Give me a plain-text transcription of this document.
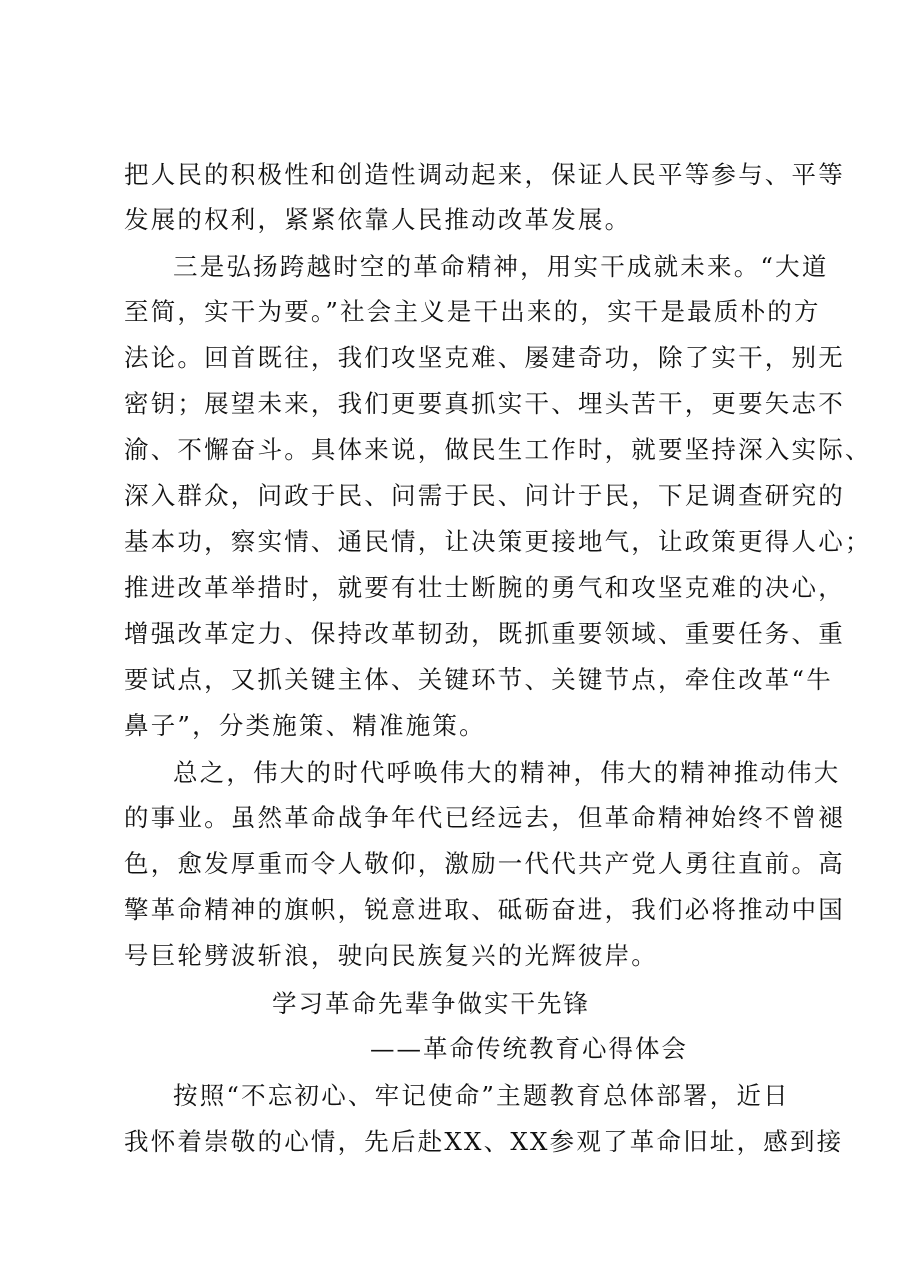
把人民的积极性和创造性调动起来，保证人民平等参与、平等
发展的权利，紧紧依靠人民推动改革发展。
三是弘扬跨越时空的革命精神，用实干成就未来。“大道
至简，实干为要。”社会主义是干出来的，实干是最质朴的方
法论。回首既往，我们攻坚克难、屡建奇功，除了实干，别无
密钥；展望未来，我们更要真抓实干、埋头苦干，更要矢志不
渝、不懈奋斗。具体来说，做民生工作时，就要坚持深入实际、
深入群众，问政于民、问需于民、问计于民，下足调查研究的
基本功，察实情、通民情，让决策更接地气，让政策更得人心；
推进改革举措时，就要有壮士断腕的勇气和攻坚克难的决心，
增强改革定力、保持改革韧劲，既抓重要领域、重要任务、重
要试点，又抓关键主体、关键环节、关键节点，牵住改革“牛
鼻子”，分类施策、精准施策。
总之，伟大的时代呼唤伟大的精神，伟大的精神推动伟大
的事业。虽然革命战争年代已经远去，但革命精神始终不曾褪
色，愈发厚重而令人敬仰，激励一代代共产党人勇往直前。高
擎革命精神的旗帜，锐意进取、砥砺奋进，我们必将推动中国
号巨轮劈波斩浪，驶向民族复兴的光辉彼岸。
学习革命先辈争做实干先锋
——革命传统教育心得体会
按照“不忘初心、牢记使命”主题教育总体部署，近日
我怀着崇敬的心情，先后赴XX、XX参观了革命旧址，感到接
